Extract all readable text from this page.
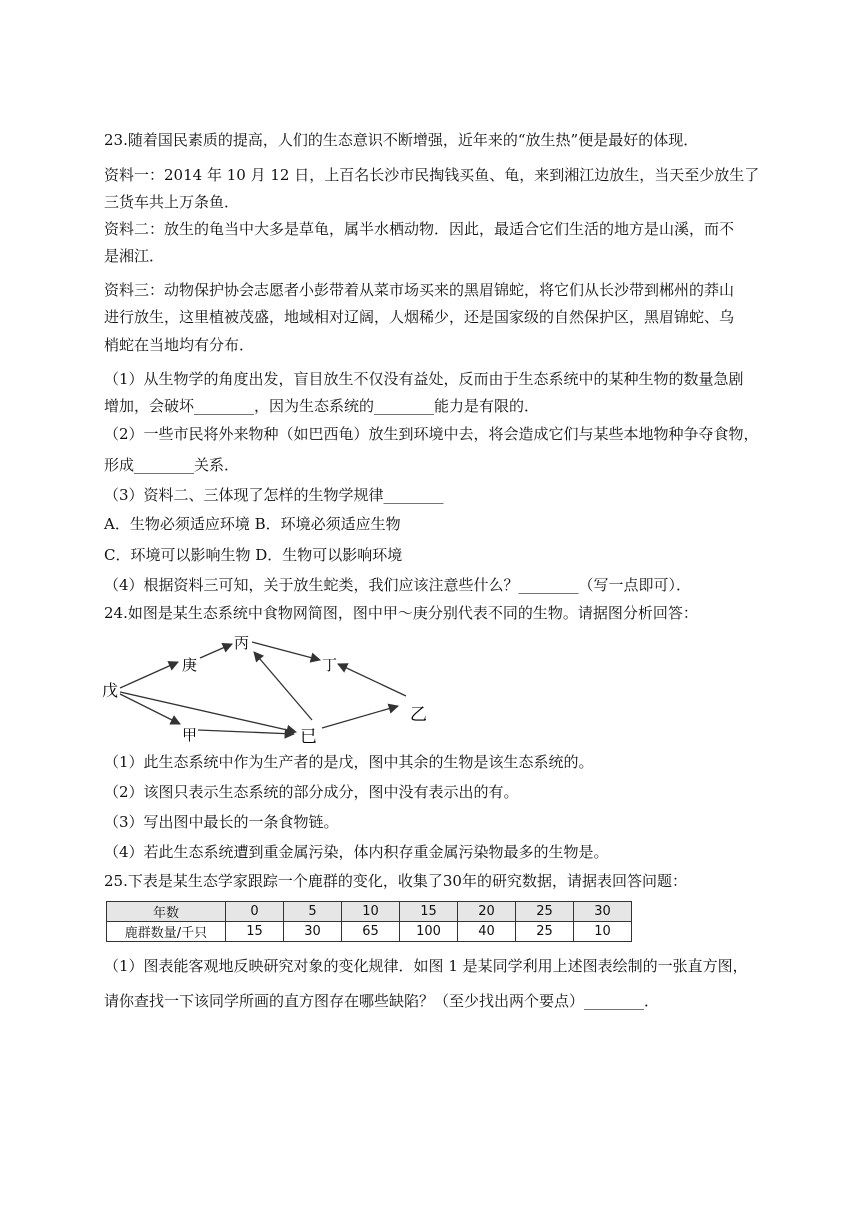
23.随着国民素质的提高，人们的生态意识不断增强，近年来的“放生热”便是最好的体现．
资料一：2014 年 10 月 12 日，上百名长沙市民掏钱买鱼、龟，来到湘江边放生，当天至少放生了
三货车共上万条鱼．
资料二：放生的龟当中大多是草龟，属半水栖动物．因此，最适合它们生活的地方是山溪，而不
是湘江．
资料三：动物保护协会志愿者小彭带着从菜市场买来的黑眉锦蛇，将它们从长沙带到郴州的莽山
进行放生，这里植被茂盛，地域相对辽阔，人烟稀少，还是国家级的自然保护区，黑眉锦蛇、乌
梢蛇在当地均有分布．
（1）从生物学的角度出发，盲目放生不仅没有益处，反而由于生态系统中的某种生物的数量急剧
增加，会破坏________，因为生态系统的________能力是有限的．
（2）一些市民将外来物种（如巴西龟）放生到环境中去，将会造成它们与某些本地物种争夺食物，
形成________关系．
（3）资料二、三体现了怎样的生物学规律________
A．生物必须适应环境 B．环境必须适应生物
C．环境可以影响生物 D．生物可以影响环境
（4）根据资料三可知，关于放生蛇类，我们应该注意些什么？________（写一点即可）．
24.如图是某生态系统中食物网简图，图中甲～庚分别代表不同的生物。请据图分析回答：
戊
庚
丙
丁
甲	已
乙
（1）此生态系统中作为生产者的是戊，图中其余的生物是该生态系统的。
（2）该图只表示生态系统的部分成分，图中没有表示出的有。
（3）写出图中最长的一条食物链。
（4）若此生态系统遭到重金属污染，体内积存重金属污染物最多的生物是。
25.下表是某生态学家跟踪一个鹿群的变化，收集了30年的研究数据，请据表回答问题：
年数	0	5	10	15	20	25	30
鹿群数量/千只	15	30	65	100	40	25	10
（1）图表能客观地反映研究对象的变化规律．如图 1 是某同学利用上述图表绘制的一张直方图，
请你查找一下该同学所画的直方图存在哪些缺陷？（至少找出两个要点）________．
